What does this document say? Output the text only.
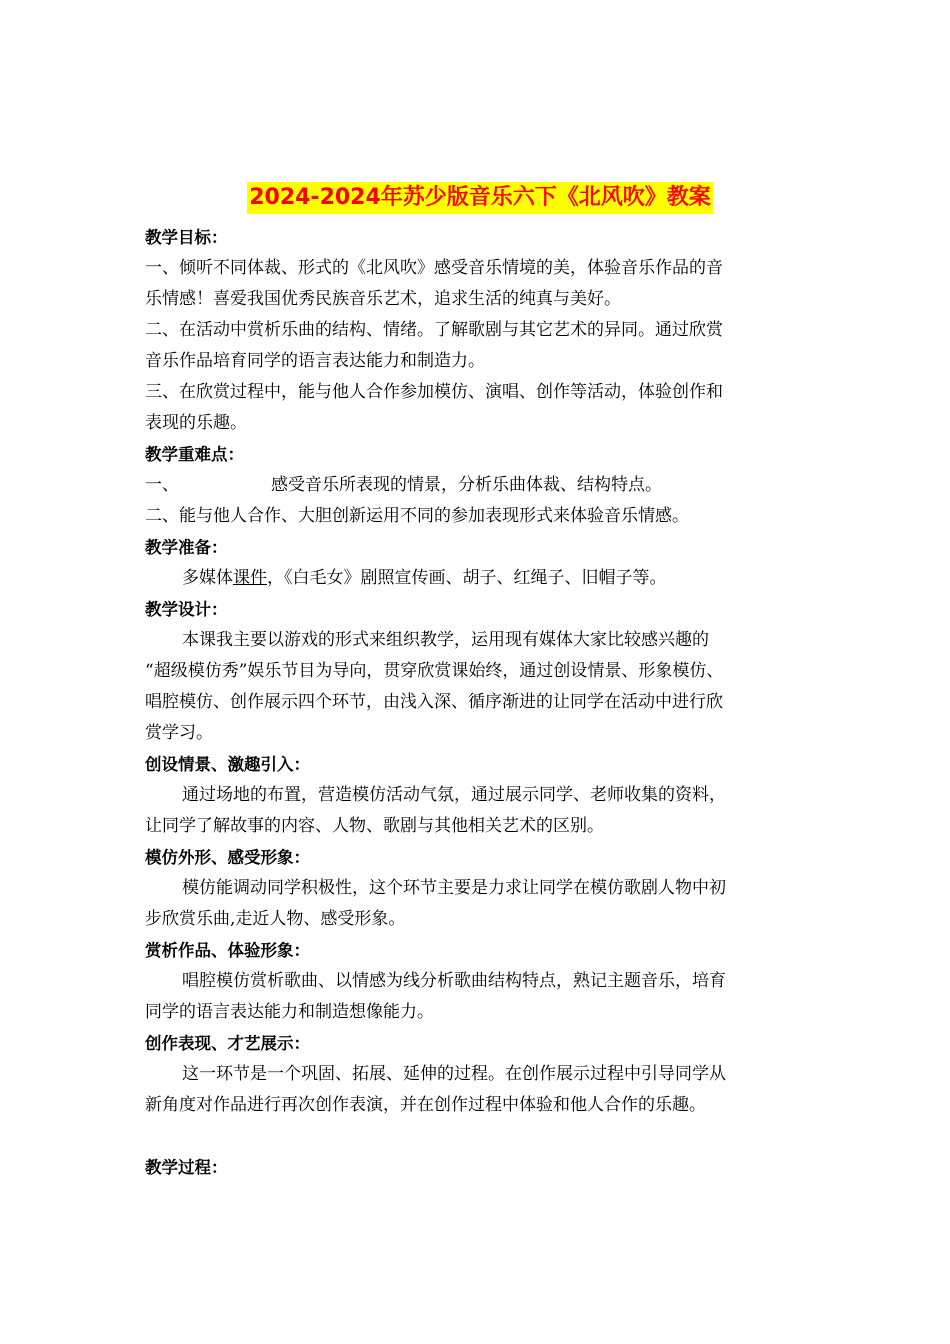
2024-2024年苏少版音乐六下《北风吹》教案
教学目标：
一、倾听不同体裁、形式的《北风吹》感受音乐情境的美，体验音乐作品的音
乐情感！喜爱我国优秀民族音乐艺术，追求生活的纯真与美好。
二、在活动中赏析乐曲的结构、情绪。了解歌剧与其它艺术的异同。通过欣赏
音乐作品培育同学的语言表达能力和制造力。
三、在欣赏过程中，能与他人合作参加模仿、演唱、创作等活动，体验创作和
表现的乐趣。
教学重难点：
一、	感受音乐所表现的情景，分析乐曲体裁、结构特点。
二、能与他人合作、大胆创新运用不同的参加表现形式来体验音乐情感。
教学准备：
多媒体课件，《白毛女》剧照宣传画、胡子、红绳子、旧帽子等。
教学设计：
本课我主要以游戏的形式来组织教学，运用现有媒体大家比较感兴趣的
“超级模仿秀”娱乐节目为导向，贯穿欣赏课始终，通过创设情景、形象模仿、
唱腔模仿、创作展示四个环节，由浅入深、循序渐进的让同学在活动中进行欣
赏学习。
创设情景、激趣引入：
通过场地的布置，营造模仿活动气氛，通过展示同学、老师收集的资料，
让同学了解故事的内容、人物、歌剧与其他相关艺术的区别。
模仿外形、感受形象：
模仿能调动同学积极性，这个环节主要是力求让同学在模仿歌剧人物中初
步欣赏乐曲,走近人物、感受形象。
赏析作品、体验形象：
唱腔模仿赏析歌曲、以情感为线分析歌曲结构特点，熟记主题音乐，培育
同学的语言表达能力和制造想像能力。
创作表现、才艺展示：
这一环节是一个巩固、拓展、延伸的过程。在创作展示过程中引导同学从
新角度对作品进行再次创作表演，并在创作过程中体验和他人合作的乐趣。
教学过程：
